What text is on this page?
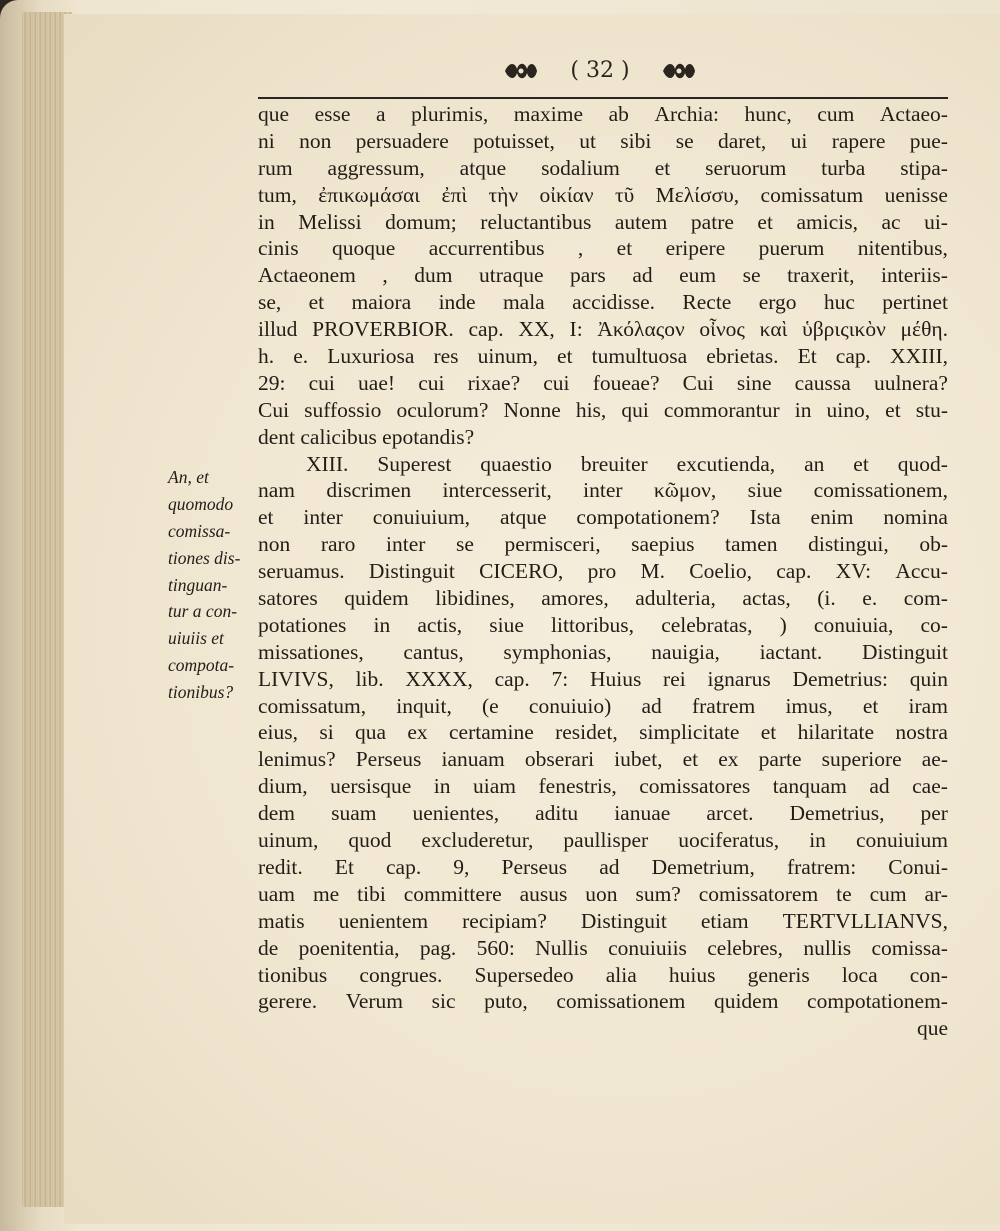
( 32 )
An, et
quomodo
comissa-
tiones dis-
tinguan-
tur a con-
uiuiis et
compota-
tionibus?
que esse a plurimis, maxime ab Archia: hunc, cum Actaeo-
ni non persuadere potuisset, ut sibi se daret, ui rapere pue-
rum aggressum, atque sodalium et seruorum turba stipa-
tum, ἐπικωμάσαι ἐπὶ τὴν οἰκίαν τῦ Μελίσσυ, comissatum uenisse
in Melissi domum; reluctantibus autem patre et amicis, ac ui-
cinis quoque accurrentibus , et eripere puerum nitentibus,
Actaeonem , dum utraque pars ad eum se traxerit, interiis-
se, et maiora inde mala accidisse. Recte ergo huc pertinet
illud PROVERBIOR. cap. XX, I: Ἀκόλαςον οἶνος καὶ ὑβριςικὸν μέθη.
h. e. Luxuriosa res uinum, et tumultuosa ebrietas. Et cap. XXIII,
29: cui uae! cui rixae? cui foueae? Cui sine caussa uulnera?
Cui suffossio oculorum? Nonne his, qui commorantur in uino, et stu-
dent calicibus epotandis?
XIII. Superest quaestio breuiter excutienda, an et quod-
nam discrimen intercesserit, inter κῶμον, siue comissationem,
et inter conuiuium, atque compotationem? Ista enim nomina
non raro inter se permisceri, saepius tamen distingui, ob-
seruamus. Distinguit CICERO, pro M. Coelio, cap. XV: Accu-
satores quidem libidines, amores, adulteria, actas, (i. e. com-
potationes in actis, siue littoribus, celebratas, ) conuiuia, co-
missationes, cantus, symphonias, nauigia, iactant. Distinguit
LIVIVS, lib. XXXX, cap. 7: Huius rei ignarus Demetrius: quin
comissatum, inquit, (e conuiuio) ad fratrem imus, et iram
eius, si qua ex certamine residet, simplicitate et hilaritate nostra
lenimus? Perseus ianuam obserari iubet, et ex parte superiore ae-
dium, uersisque in uiam fenestris, comissatores tanquam ad cae-
dem suam uenientes, aditu ianuae arcet. Demetrius, per
uinum, quod excluderetur, paullisper uociferatus, in conuiuium
redit. Et cap. 9, Perseus ad Demetrium, fratrem: Conui-
uam me tibi committere ausus uon sum? comissatorem te cum ar-
matis uenientem recipiam? Distinguit etiam TERTVLLIANVS,
de poenitentia, pag. 560: Nullis conuiuiis celebres, nullis comissa-
tionibus congrues. Supersedeo alia huius generis loca con-
gerere. Verum sic puto, comissationem quidem compotationem-
que
